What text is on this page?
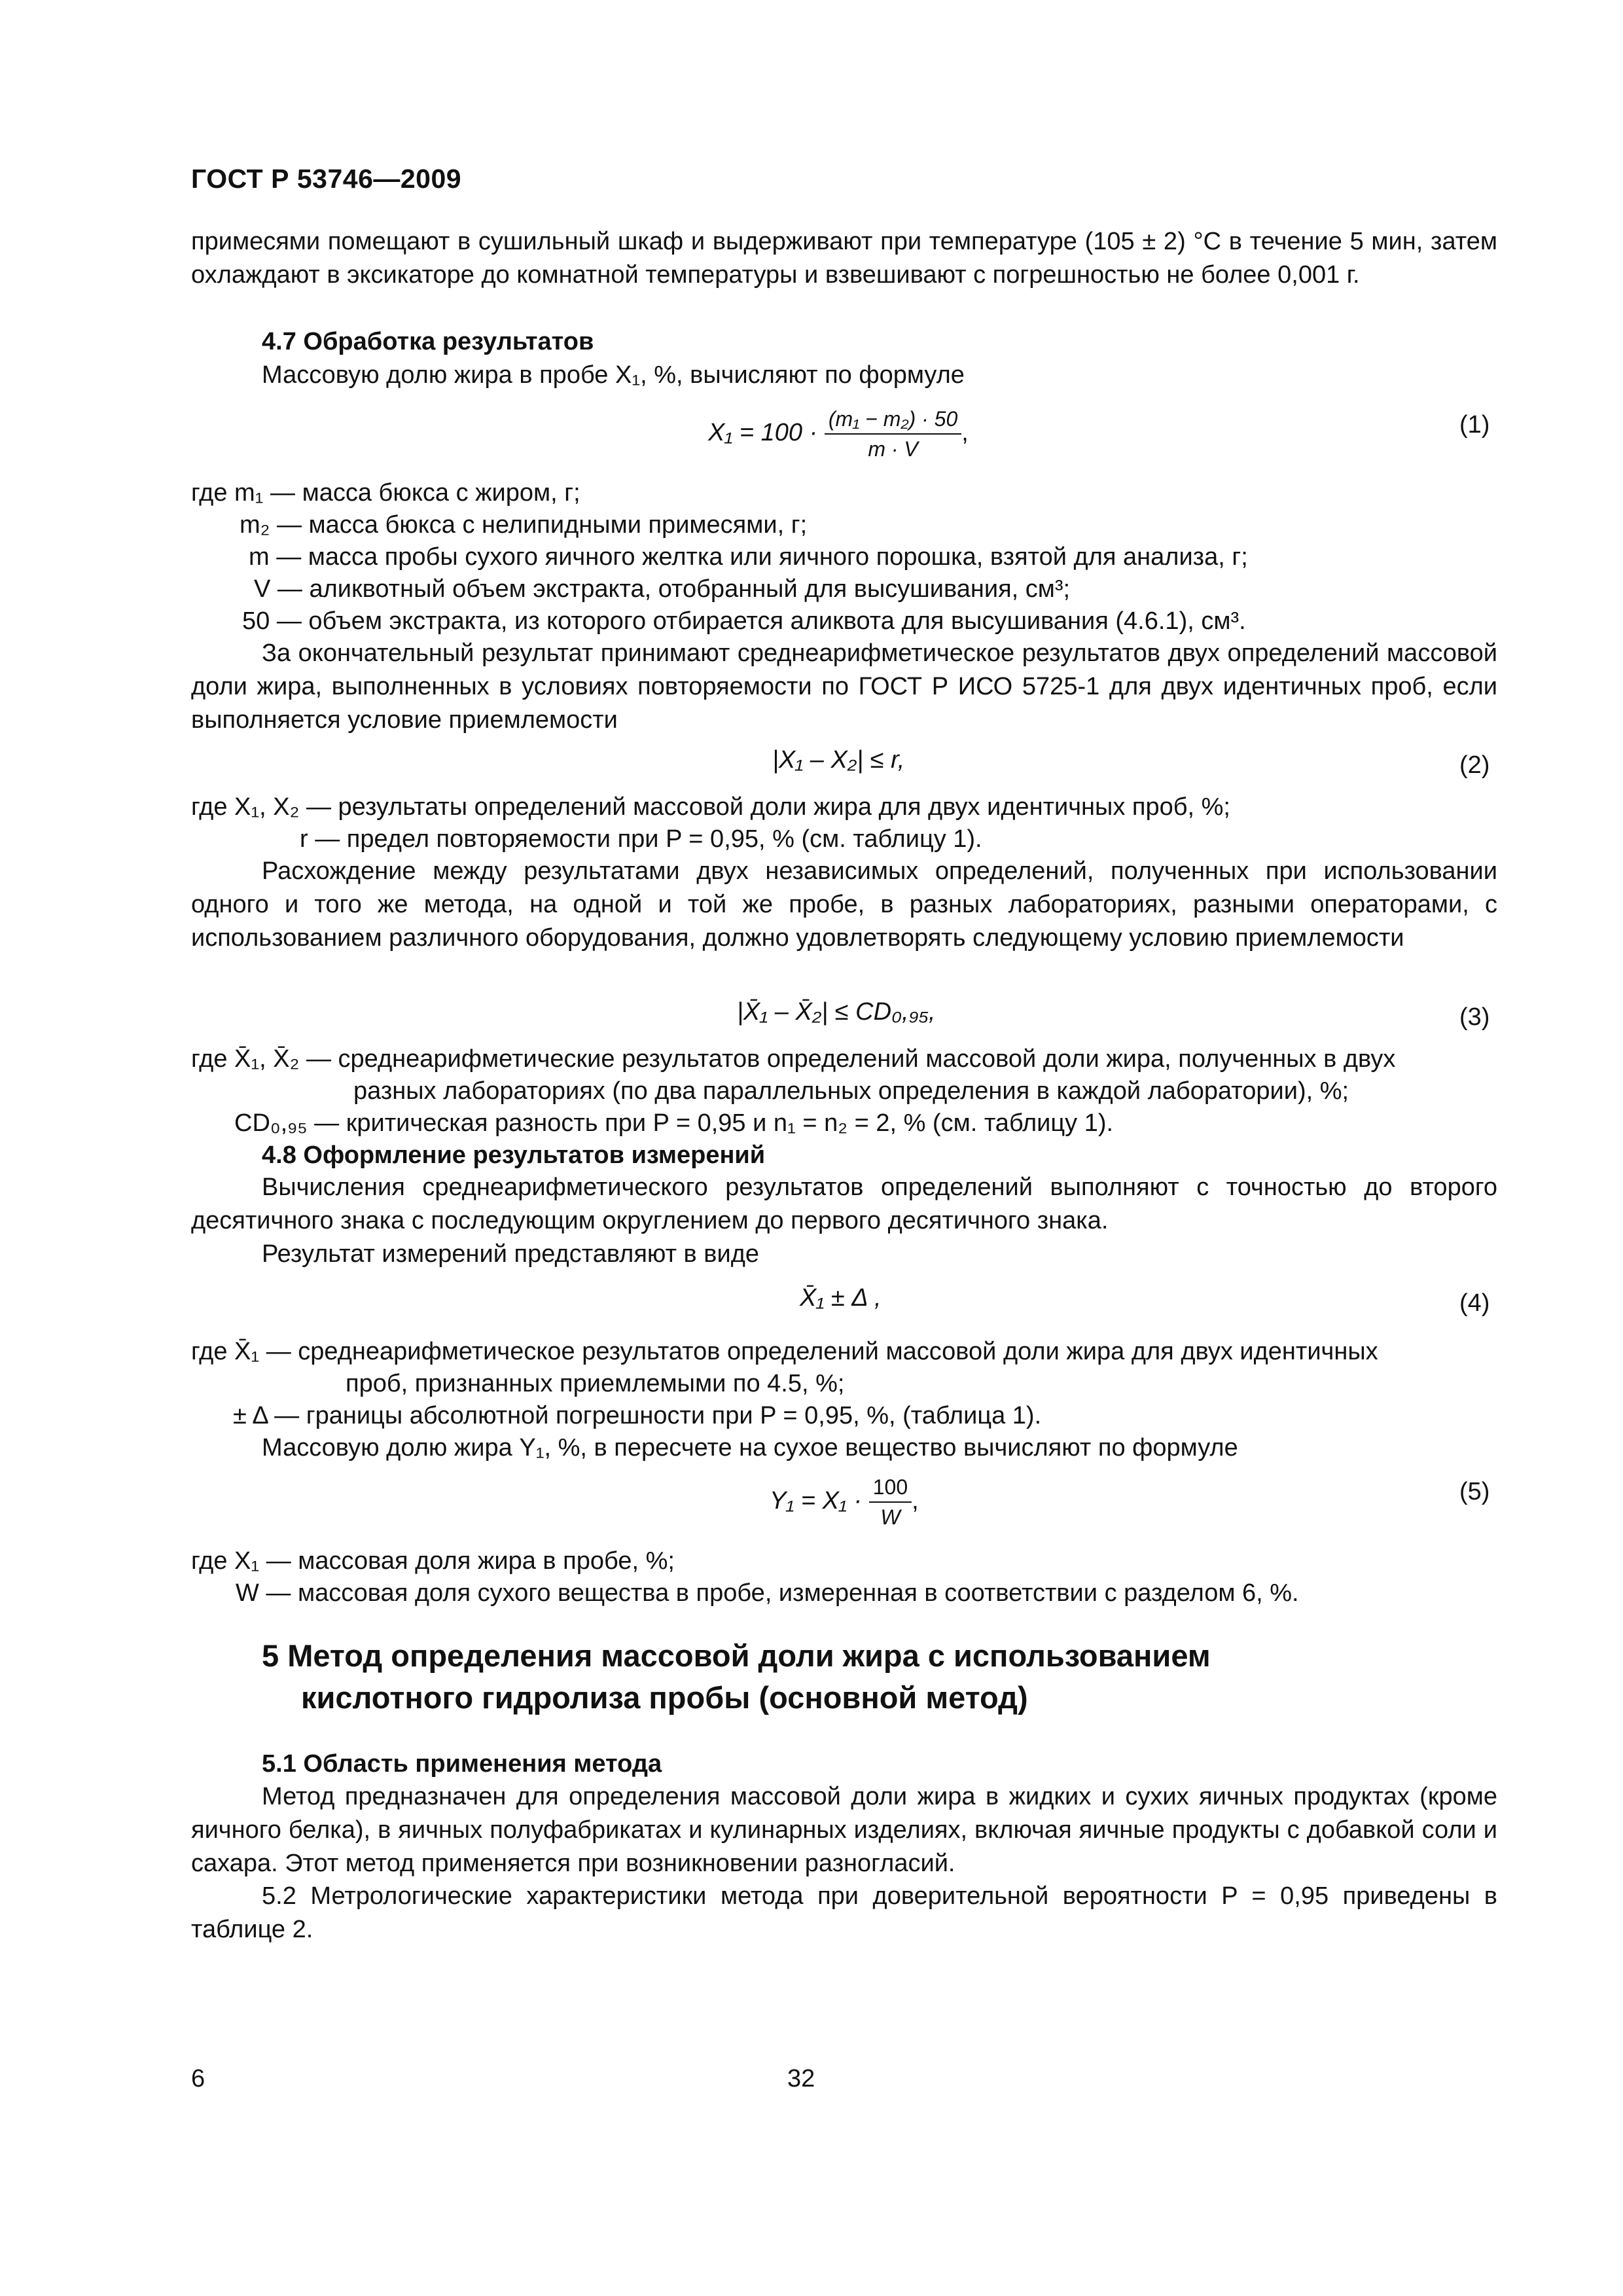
ГОСТ Р 53746—2009
примесями помещают в сушильный шкаф и выдерживают при температуре (105 ± 2) °С в течение 5 мин, затем охлаждают в эксикаторе до комнатной температуры и взвешивают с погрешностью не более 0,001 г.
4.7 Обработка результатов
Массовую долю жира в пробе X₁, %, вычисляют по формуле
$X_1 = 100 \cdot \frac{\text{(m₁ − m₂) · 50}}{m \cdot V}$ ,	(1)
где m₁ — масса бюкса с жиром, г;
m₂ — масса бюкса с нелипидными примесями, г;
m — масса пробы сухого яичного желтка или яичного порошка, взятой для анализа, г;
V — аликвотный объем экстракта, отобранный для высушивания, см³;
50 — объем экстракта, из которого отбирается аликвота для высушивания (4.6.1), см³.
За окончательный результат принимают среднеарифметическое результатов двух определений массовой доли жира, выполненных в условиях повторяемости по ГОСТ Р ИСО 5725-1 для двух идентичных проб, если выполняется условие приемлемости
|X₁ – X₂| ≤ r,	(2)
где X₁, X₂ — результаты определений массовой доли жира для двух идентичных проб, %;
r — предел повторяемости при P = 0,95, % (см. таблицу 1).
Расхождение между результатами двух независимых определений, полученных при использовании одного и того же метода, на одной и той же пробе, в разных лабораториях, разными операторами, с использованием различного оборудования, должно удовлетворять следующему условию приемлемости
|X̄₁ – X̄₂| ≤ CD₀,₉₅,	(3)
где X̄₁, X̄₂ — среднеарифметические результатов определений массовой доли жира, полученных в двух
разных лабораториях (по два параллельных определения в каждой лаборатории), %;
CD₀,₉₅ — критическая разность при P = 0,95 и n₁ = n₂ = 2, % (см. таблицу 1).
4.8 Оформление результатов измерений
Вычисления среднеарифметического результатов определений выполняют с точностью до второго десятичного знака с последующим округлением до первого десятичного знака.
Результат измерений представляют в виде
X̄₁ ± Δ ,	(4)
где X̄₁ — среднеарифметическое результатов определений массовой доли жира для двух идентичных
проб, признанных приемлемыми по 4.5, %;
± Δ — границы абсолютной погрешности при P = 0,95, %, (таблица 1).
Массовую долю жира Y₁, %, в пересчете на сухое вещество вычисляют по формуле
$Y_1 = X_1 \cdot \frac{100}{W}$ ,	(5)
где X₁ — массовая доля жира в пробе, %;
W — массовая доля сухого вещества в пробе, измеренная в соответствии с разделом 6, %.
5 Метод определения массовой доли жира с использованием
кислотного гидролиза пробы (основной метод)
5.1 Область применения метода
Метод предназначен для определения массовой доли жира в жидких и сухих яичных продуктах (кроме яичного белка), в яичных полуфабрикатах и кулинарных изделиях, включая яичные продукты с добавкой соли и сахара. Этот метод применяется при возникновении разногласий.
5.2 Метрологические характеристики метода при доверительной вероятности P = 0,95 приведены в таблице 2.
6	32
